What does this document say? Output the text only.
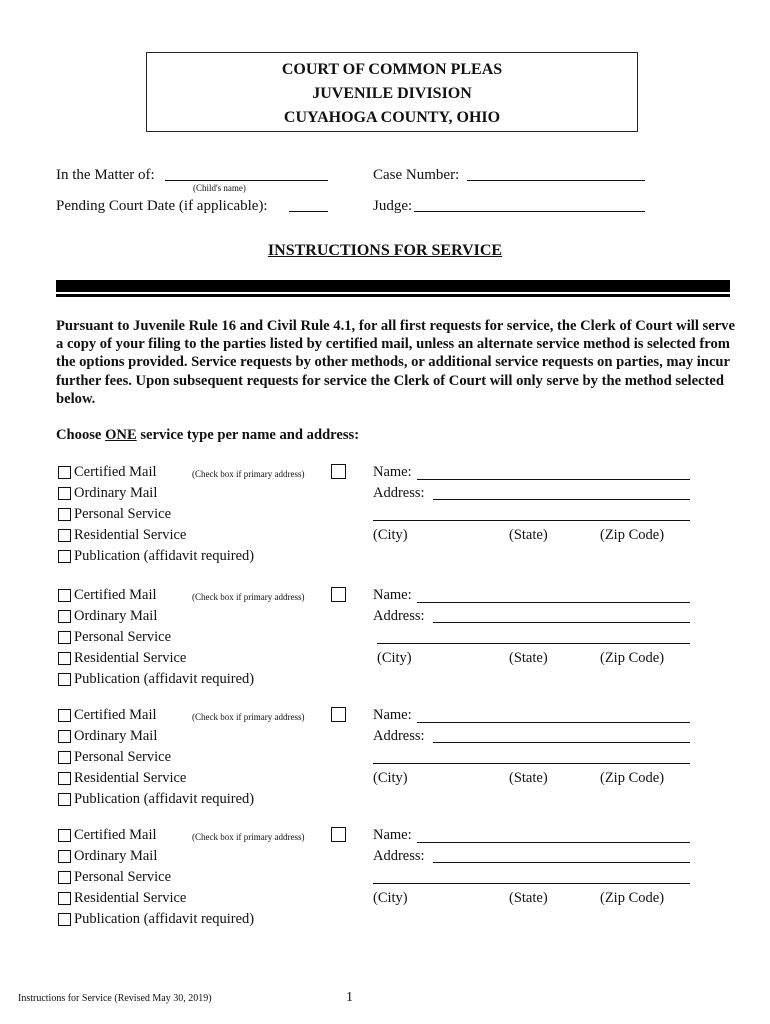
COURT OF COMMON PLEAS
JUVENILE DIVISION
CUYAHOGA COUNTY, OHIO
In the Matter of:
(Child's name)
Pending Court Date (if applicable):
Case Number:
Judge:
INSTRUCTIONS FOR SERVICE
Pursuant to Juvenile Rule 16 and Civil Rule 4.1, for all first requests for service, the Clerk of Court will serve a copy of your filing to the parties listed by certified mail, unless an alternate service method is selected from the options provided. Service requests by other methods, or additional service requests on parties, may incur further fees. Upon subsequent requests for service the Clerk of Court will only serve by the method selected below.
Choose ONE service type per name and address:
Certified Mail	(Check box if primary address)
Ordinary Mail
Personal Service
Residential Service
Publication (affidavit required)
Name:
Address:
(City)	(State)	(Zip Code)
Certified Mail	(Check box if primary address)
Ordinary Mail
Personal Service
Residential Service
Publication (affidavit required)
Name:
Address:
(City)	(State)	(Zip Code)
Certified Mail	(Check box if primary address)
Ordinary Mail
Personal Service
Residential Service
Publication (affidavit required)
Name:
Address:
(City)	(State)	(Zip Code)
Certified Mail	(Check box if primary address)
Ordinary Mail
Personal Service
Residential Service
Publication (affidavit required)
Name:
Address:
(City)	(State)	(Zip Code)
Instructions for Service (Revised May 30, 2019)	1
